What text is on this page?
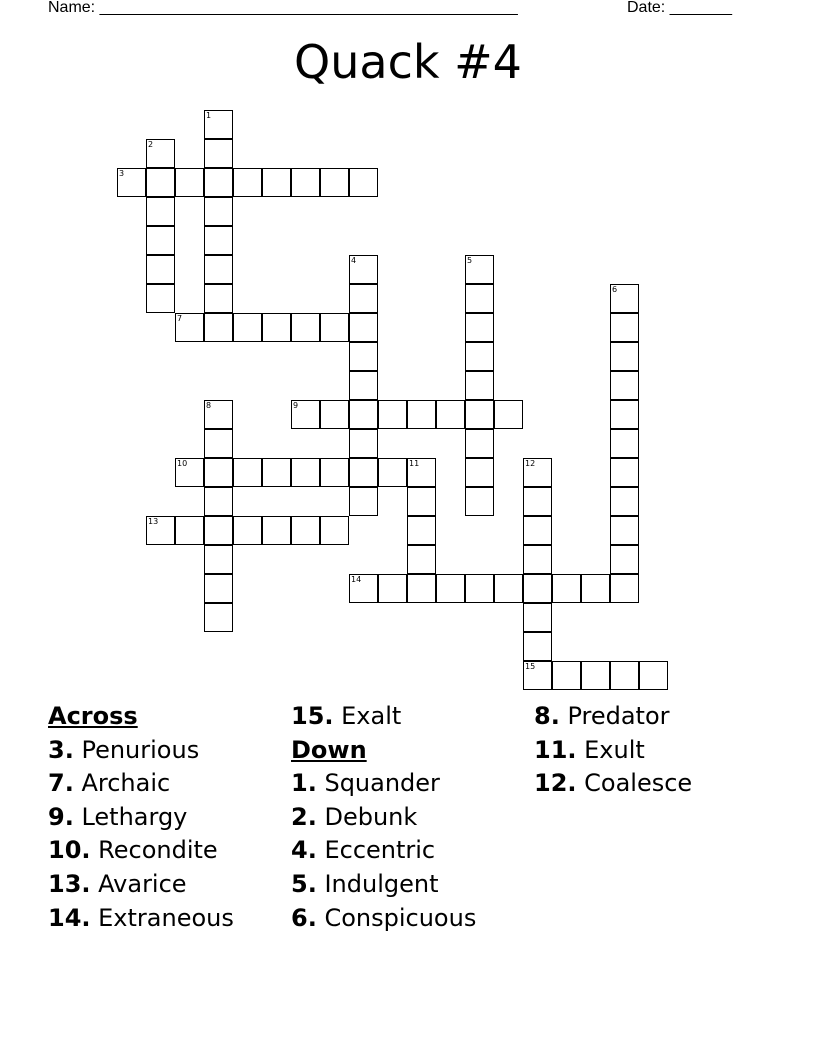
Name: _______________________________________________	Date: _______
Quack #4
3
7
9
10
13
14
15
1
2
4	5
6
8
11	12
Across
3. Penurious
7. Archaic
9. Lethargy
10. Recondite
13. Avarice
14. Extraneous
15. Exalt
Down
1. Squander
2. Debunk
4. Eccentric
5. Indulgent
6. Conspicuous
8. Predator
11. Exult
12. Coalesce
